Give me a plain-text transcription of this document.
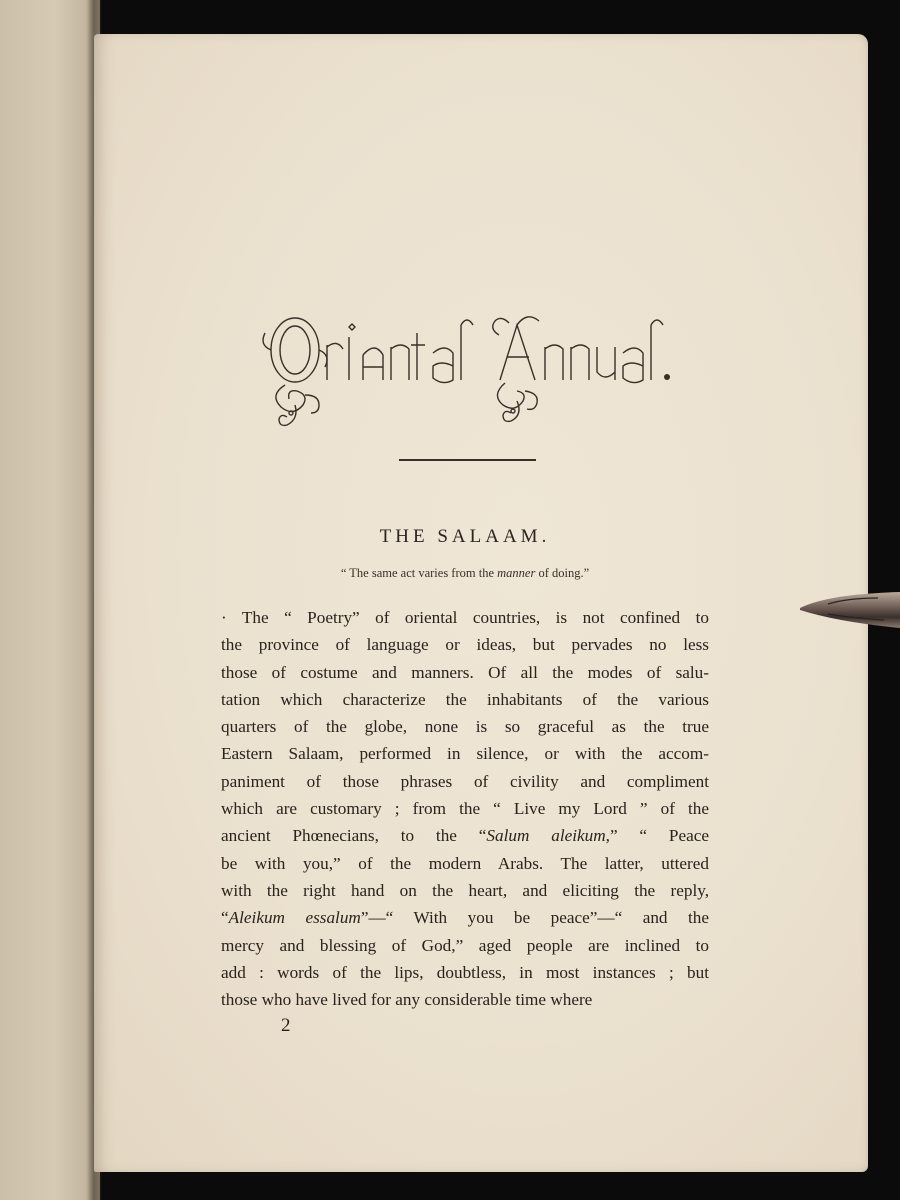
THE SALAAM.
“ The same act varies from the manner of doing.”
· The “ Poetry” of oriental countries, is not confined to
the province of language or ideas, but pervades no less
those of costume and manners. Of all the modes of salu-
tation which characterize the inhabitants of the various
quarters of the globe, none is so graceful as the true
Eastern Salaam, performed in silence, or with the accom-
paniment of those phrases of civility and compliment
which are customary ; from the “ Live my Lord ” of the
ancient Phœnecians, to the “Salum aleikum,” “ Peace
be with you,” of the modern Arabs. The latter, uttered
with the right hand on the heart, and eliciting the reply,
“Aleikum essalum”—“ With you be peace”—“ and the
mercy and blessing of God,” aged people are inclined to
add : words of the lips, doubtless, in most instances ; but
those who have lived for any considerable time where
2
